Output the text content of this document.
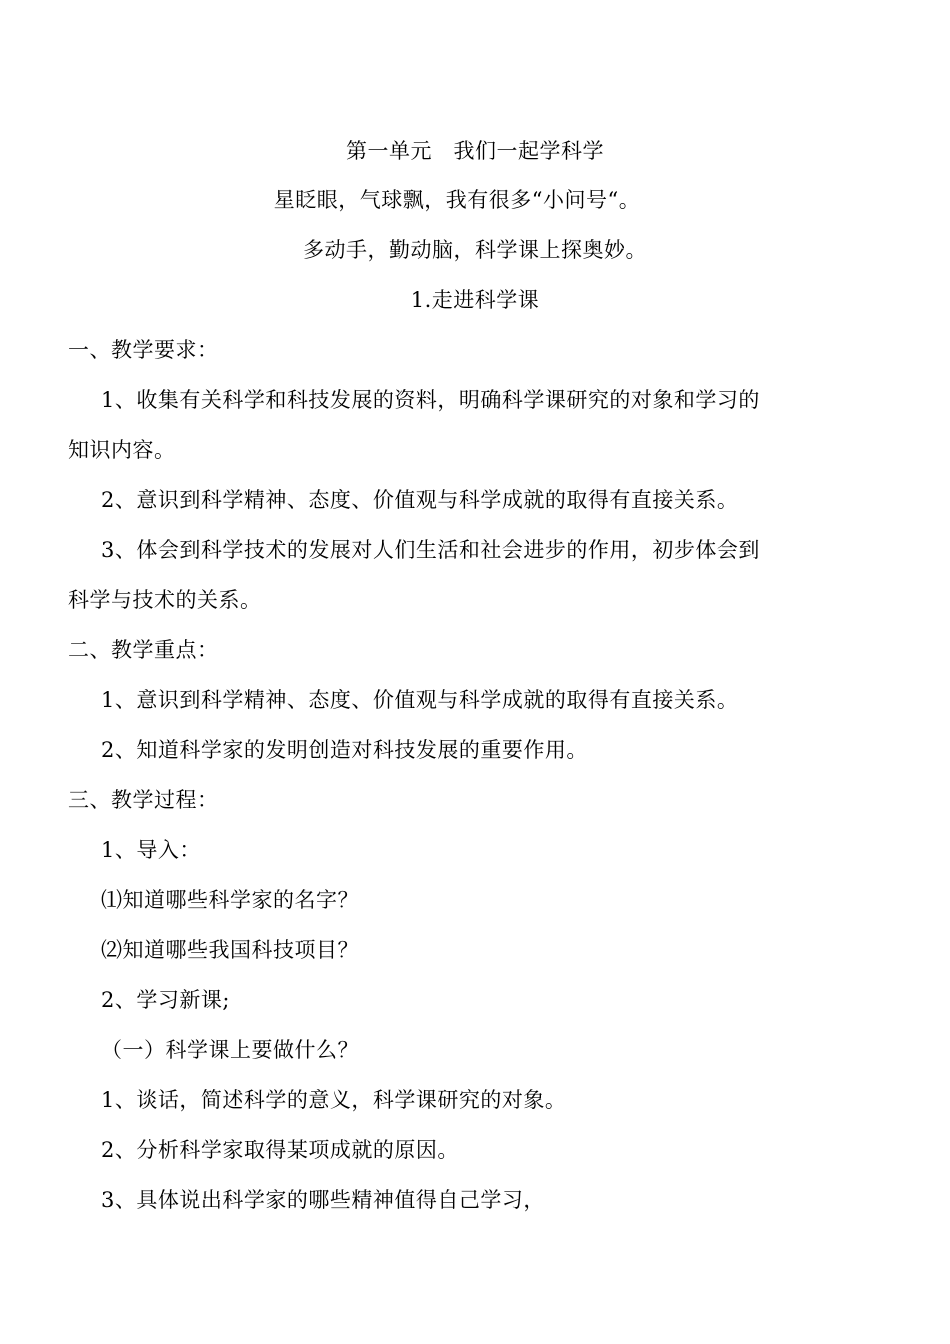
第一单元　我们一起学科学
星眨眼，气球飘，我有很多“小问号“。
多动手，勤动脑，科学课上探奥妙。
1.走进科学课
一、教学要求：
1、收集有关科学和科技发展的资料，明确科学课研究的对象和学习的
知识内容。
2、意识到科学精神、态度、价值观与科学成就的取得有直接关系。
3、体会到科学技术的发展对人们生活和社会进步的作用，初步体会到
科学与技术的关系。
二、教学重点：
1、意识到科学精神、态度、价值观与科学成就的取得有直接关系。
2、知道科学家的发明创造对科技发展的重要作用。
三、教学过程：
1、导入：
⑴知道哪些科学家的名字？
⑵知道哪些我国科技项目？
2、学习新课;
（一）科学课上要做什么？
1、谈话，简述科学的意义，科学课研究的对象。
2、分析科学家取得某项成就的原因。
3、具体说出科学家的哪些精神值得自己学习，
